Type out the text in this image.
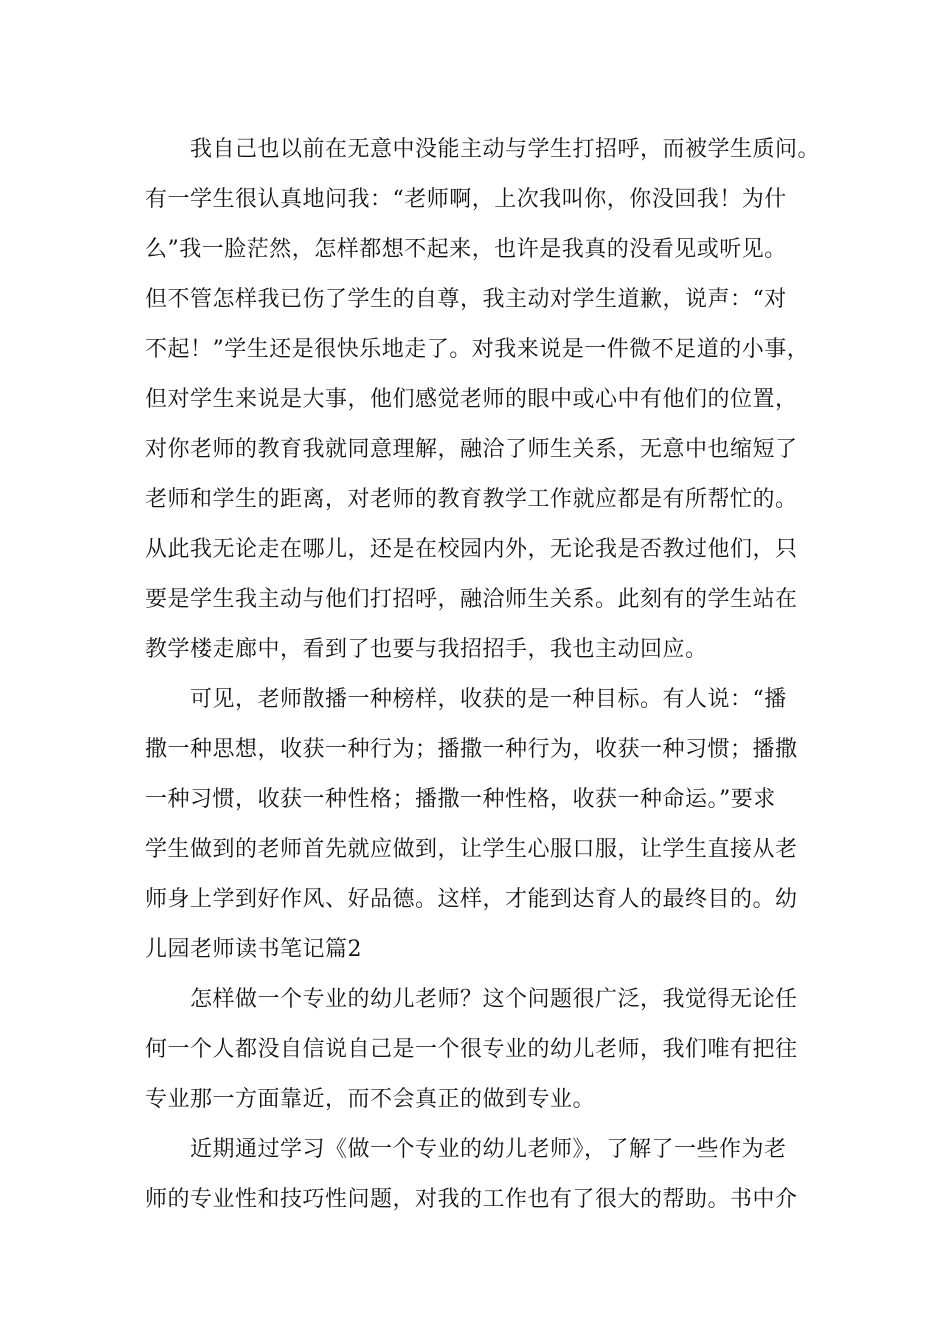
我自己也以前在无意中没能主动与学生打招呼，而被学生质问。
有一学生很认真地问我：“老师啊，上次我叫你，你没回我！为什
么”我一脸茫然，怎样都想不起来，也许是我真的没看见或听见。
但不管怎样我已伤了学生的自尊，我主动对学生道歉，说声：“对
不起！”学生还是很快乐地走了。对我来说是一件微不足道的小事，
但对学生来说是大事，他们感觉老师的眼中或心中有他们的位置，
对你老师的教育我就同意理解，融洽了师生关系，无意中也缩短了
老师和学生的距离，对老师的教育教学工作就应都是有所帮忙的。
从此我无论走在哪儿，还是在校园内外，无论我是否教过他们，只
要是学生我主动与他们打招呼，融洽师生关系。此刻有的学生站在
教学楼走廊中，看到了也要与我招招手，我也主动回应。
可见，老师散播一种榜样，收获的是一种目标。有人说：“播
撒一种思想，收获一种行为；播撒一种行为，收获一种习惯；播撒
一种习惯，收获一种性格；播撒一种性格，收获一种命运。”要求
学生做到的老师首先就应做到，让学生心服口服，让学生直接从老
师身上学到好作风、好品德。这样，才能到达育人的最终目的。幼
儿园老师读书笔记篇2
怎样做一个专业的幼儿老师？这个问题很广泛，我觉得无论任
何一个人都没自信说自己是一个很专业的幼儿老师，我们唯有把往
专业那一方面靠近，而不会真正的做到专业。
近期通过学习《做一个专业的幼儿老师》，了解了一些作为老
师的专业性和技巧性问题，对我的工作也有了很大的帮助。书中介
